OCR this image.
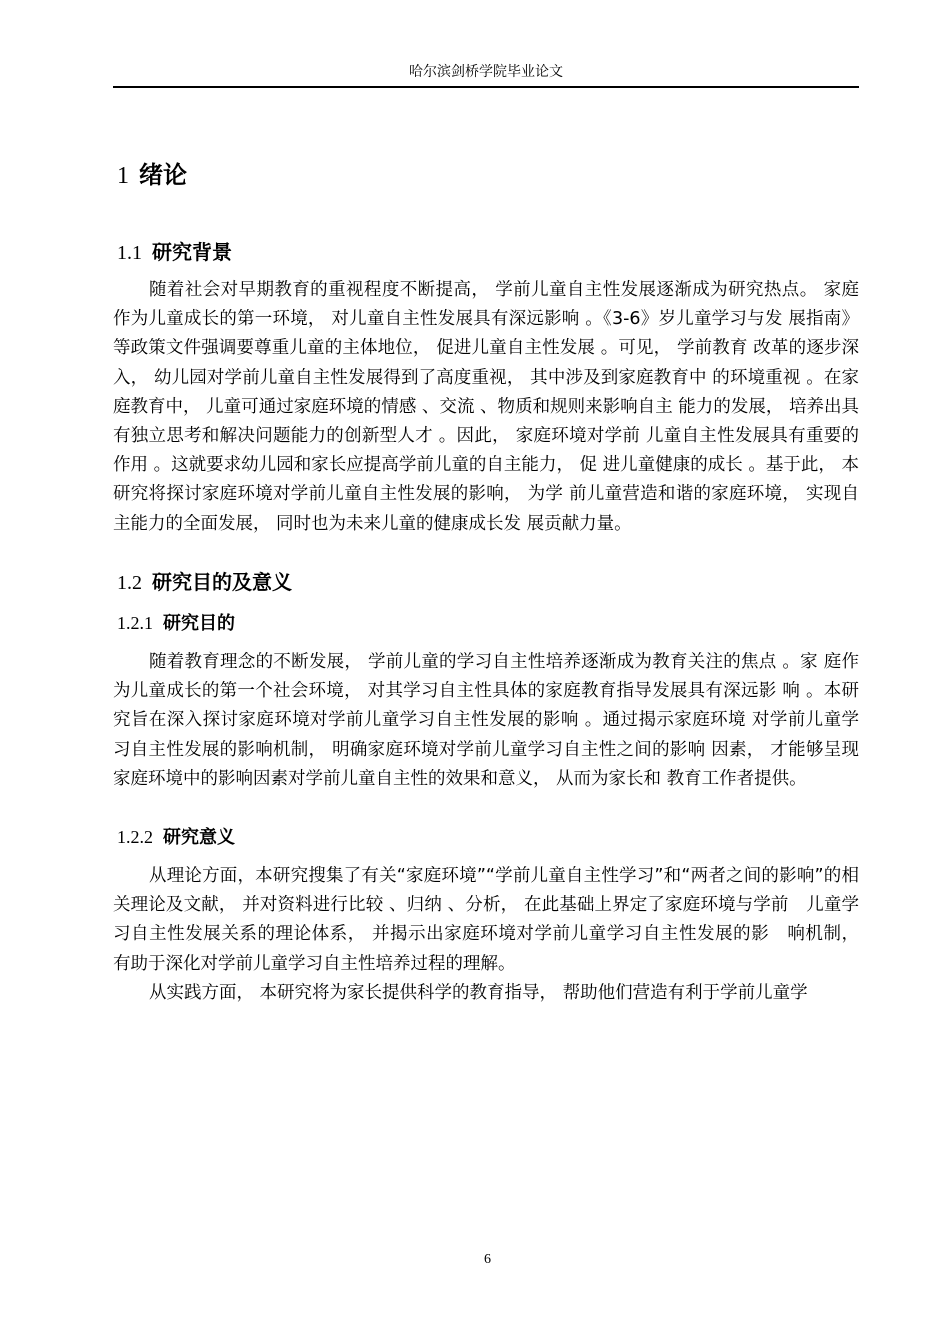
哈尔滨剑桥学院毕业论文
1 绪论
1.1 研究背景
随着社会对早期教育的重视程度不断提高， 学前儿童自主性发展逐渐成为研究热点。 家庭作为儿童成长的第一环境， 对儿童自主性发展具有深远影响 。《3-6》岁儿童学习与发 展指南》等政策文件强调要尊重儿童的主体地位， 促进儿童自主性发展 。可见， 学前教育 改革的逐步深入， 幼儿园对学前儿童自主性发展得到了高度重视， 其中涉及到家庭教育中 的环境重视 。在家庭教育中， 儿童可通过家庭环境的情感 、交流 、物质和规则来影响自主 能力的发展， 培养出具有独立思考和解决问题能力的创新型人才 。因此， 家庭环境对学前 儿童自主性发展具有重要的作用 。这就要求幼儿园和家长应提高学前儿童的自主能力， 促 进儿童健康的成长 。基于此， 本研究将探讨家庭环境对学前儿童自主性发展的影响， 为学 前儿童营造和谐的家庭环境， 实现自主能力的全面发展， 同时也为未来儿童的健康成长发 展贡献力量。
1.2 研究目的及意义
1.2.1 研究目的
随着教育理念的不断发展， 学前儿童的学习自主性培养逐渐成为教育关注的焦点 。家 庭作为儿童成长的第一个社会环境， 对其学习自主性具体的家庭教育指导发展具有深远影 响 。本研究旨在深入探讨家庭环境对学前儿童学习自主性发展的影响 。通过揭示家庭环境 对学前儿童学习自主性发展的影响机制， 明确家庭环境对学前儿童学习自主性之间的影响 因素， 才能够呈现家庭环境中的影响因素对学前儿童自主性的效果和意义， 从而为家长和 教育工作者提供。
1.2.2 研究意义
从理论方面，本研究搜集了有关“家庭环境”“学前儿童自主性学习”和“两者之间的影响”的相关理论及文献， 并对资料进行比较 、归纳 、分析， 在此基础上界定了家庭环境与学前　儿童学习自主性发展关系的理论体系， 并揭示出家庭环境对学前儿童学习自主性发展的影　响机制， 有助于深化对学前儿童学习自主性培养过程的理解。
从实践方面， 本研究将为家长提供科学的教育指导， 帮助他们营造有利于学前儿童学
6
